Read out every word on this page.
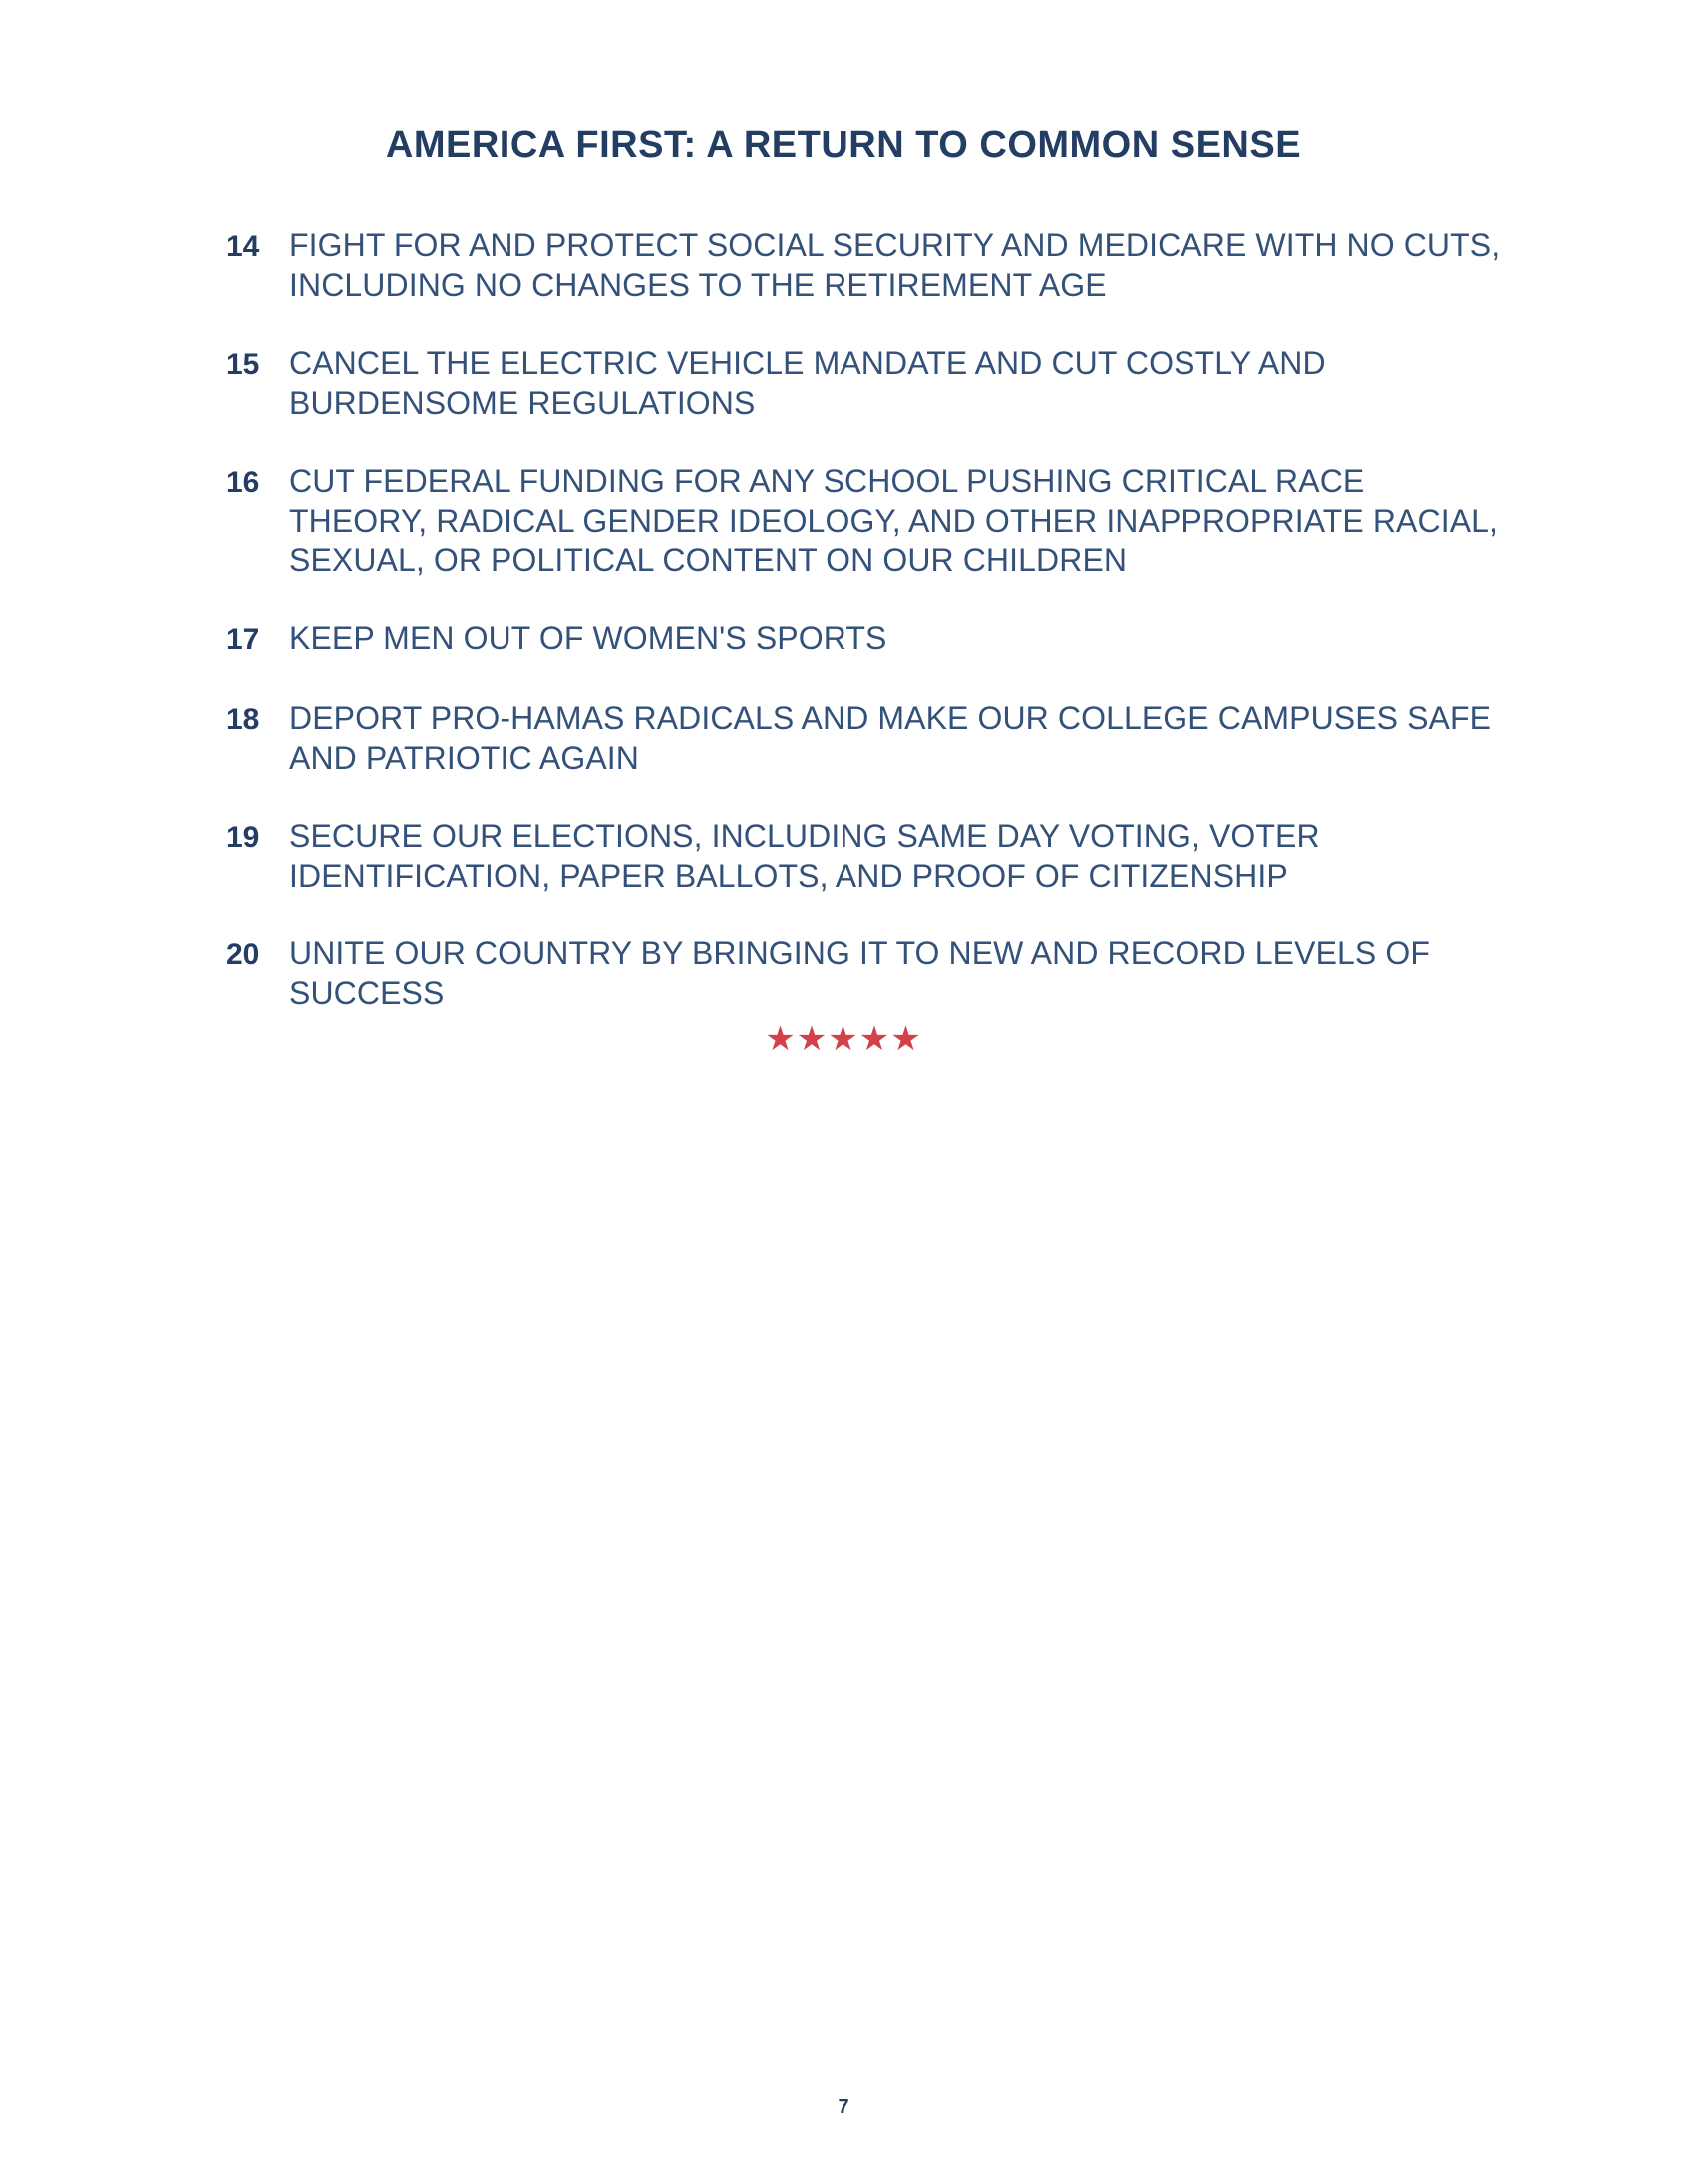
AMERICA FIRST: A RETURN TO COMMON SENSE
14 FIGHT FOR AND PROTECT SOCIAL SECURITY AND MEDICARE WITH NO CUTS, INCLUDING NO CHANGES TO THE RETIREMENT AGE
15 CANCEL THE ELECTRIC VEHICLE MANDATE AND CUT COSTLY AND BURDENSOME REGULATIONS
16 CUT FEDERAL FUNDING FOR ANY SCHOOL PUSHING CRITICAL RACE THEORY, RADICAL GENDER IDEOLOGY, AND OTHER INAPPROPRIATE RACIAL, SEXUAL, OR POLITICAL CONTENT ON OUR CHILDREN
17 KEEP MEN OUT OF WOMEN'S SPORTS
18 DEPORT PRO-HAMAS RADICALS AND MAKE OUR COLLEGE CAMPUSES SAFE AND PATRIOTIC AGAIN
19 SECURE OUR ELECTIONS, INCLUDING SAME DAY VOTING, VOTER IDENTIFICATION, PAPER BALLOTS, AND PROOF OF CITIZENSHIP
20 UNITE OUR COUNTRY BY BRINGING IT TO NEW AND RECORD LEVELS OF SUCCESS
★★★★★
7
